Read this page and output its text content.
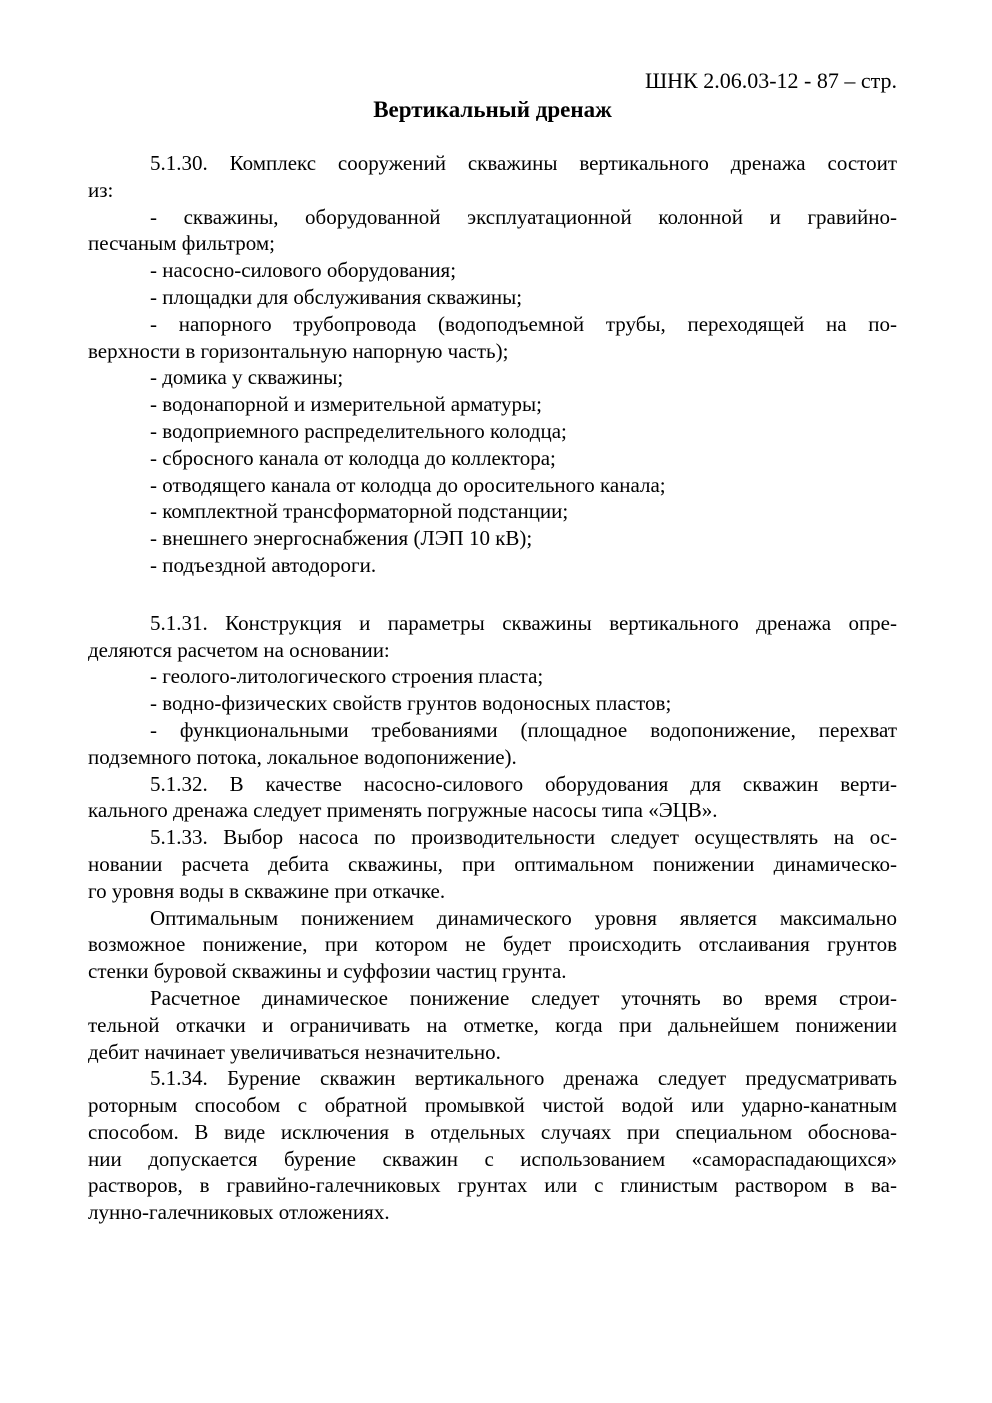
ШНК 2.06.03-12 - 87 – стр.
Вертикальный дренаж
5.1.30. Комплекс сооружений скважины вертикального дренажа состоит
из:
- скважины, оборудованной эксплуатационной колонной и гравийно-
песчаным фильтром;
- насосно-силового оборудования;
- площадки для обслуживания скважины;
- напорного трубопровода (водоподъемной трубы, переходящей на по-
верхности в горизонтальную напорную часть);
- домика у скважины;
- водонапорной и измерительной арматуры;
- водоприемного распределительного колодца;
- сбросного канала от колодца до коллектора;
- отводящего канала от колодца до оросительного канала;
- комплектной трансформаторной подстанции;
- внешнего энергоснабжения (ЛЭП 10 кВ);
- подъездной автодороги.
5.1.31. Конструкция и параметры скважины вертикального дренажа опре-
деляются расчетом на основании:
- геолого-литологического строения пласта;
- водно-физических свойств грунтов водоносных пластов;
- функциональными требованиями (площадное водопонижение, перехват
подземного потока, локальное водопонижение).
5.1.32. В качестве насосно-силового оборудования для скважин верти-
кального дренажа следует применять погружные насосы типа «ЭЦВ».
5.1.33. Выбор насоса по производительности следует осуществлять на ос-
новании расчета дебита скважины, при оптимальном понижении динамическо-
го уровня воды в скважине при откачке.
Оптимальным понижением динамического уровня является максимально
возможное понижение, при котором не будет происходить отслаивания грунтов
стенки буровой скважины и суффозии частиц грунта.
Расчетное динамическое понижение следует уточнять во время строи-
тельной откачки и ограничивать на отметке, когда при дальнейшем понижении
дебит начинает увеличиваться незначительно.
5.1.34. Бурение скважин вертикального дренажа следует предусматривать
роторным способом с обратной промывкой чистой водой или ударно-канатным
способом. В виде исключения в отдельных случаях при специальном обоснова-
нии допускается бурение скважин с использованием «самораспадающихся»
растворов, в гравийно-галечниковых грунтах или с глинистым раствором в ва-
лунно-галечниковых отложениях.
